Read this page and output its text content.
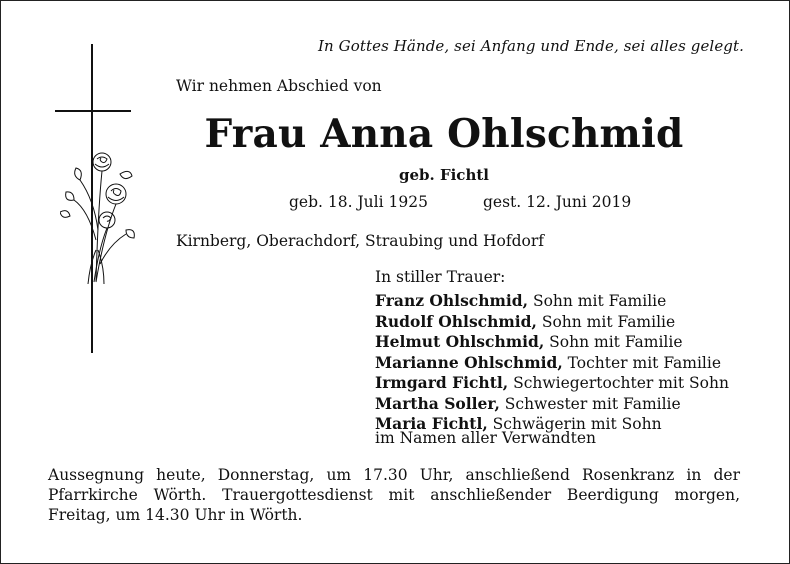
In Gottes Hände, sei Anfang und Ende, sei alles gelegt.
Wir nehmen Abschied von
Frau Anna Ohlschmid
geb. Fichtl
geb. 18. Juli 1925	gest. 12. Juni 2019
Kirnberg, Oberachdorf, Straubing und Hofdorf
In stiller Trauer:
Franz Ohlschmid, Sohn mit Familie
Rudolf Ohlschmid, Sohn mit Familie
Helmut Ohlschmid, Sohn mit Familie
Marianne Ohlschmid, Tochter mit Familie
Irmgard Fichtl, Schwiegertochter mit Sohn
Martha Soller, Schwester mit Familie
Maria Fichtl, Schwägerin mit Sohn
im Namen aller Verwandten
Aussegnung heute, Donnerstag, um 17.30 Uhr, anschließend Rosenkranz in der Pfarrkirche Wörth. Trauergottesdienst mit anschließender Beerdigung morgen, Freitag, um 14.30 Uhr in Wörth.
